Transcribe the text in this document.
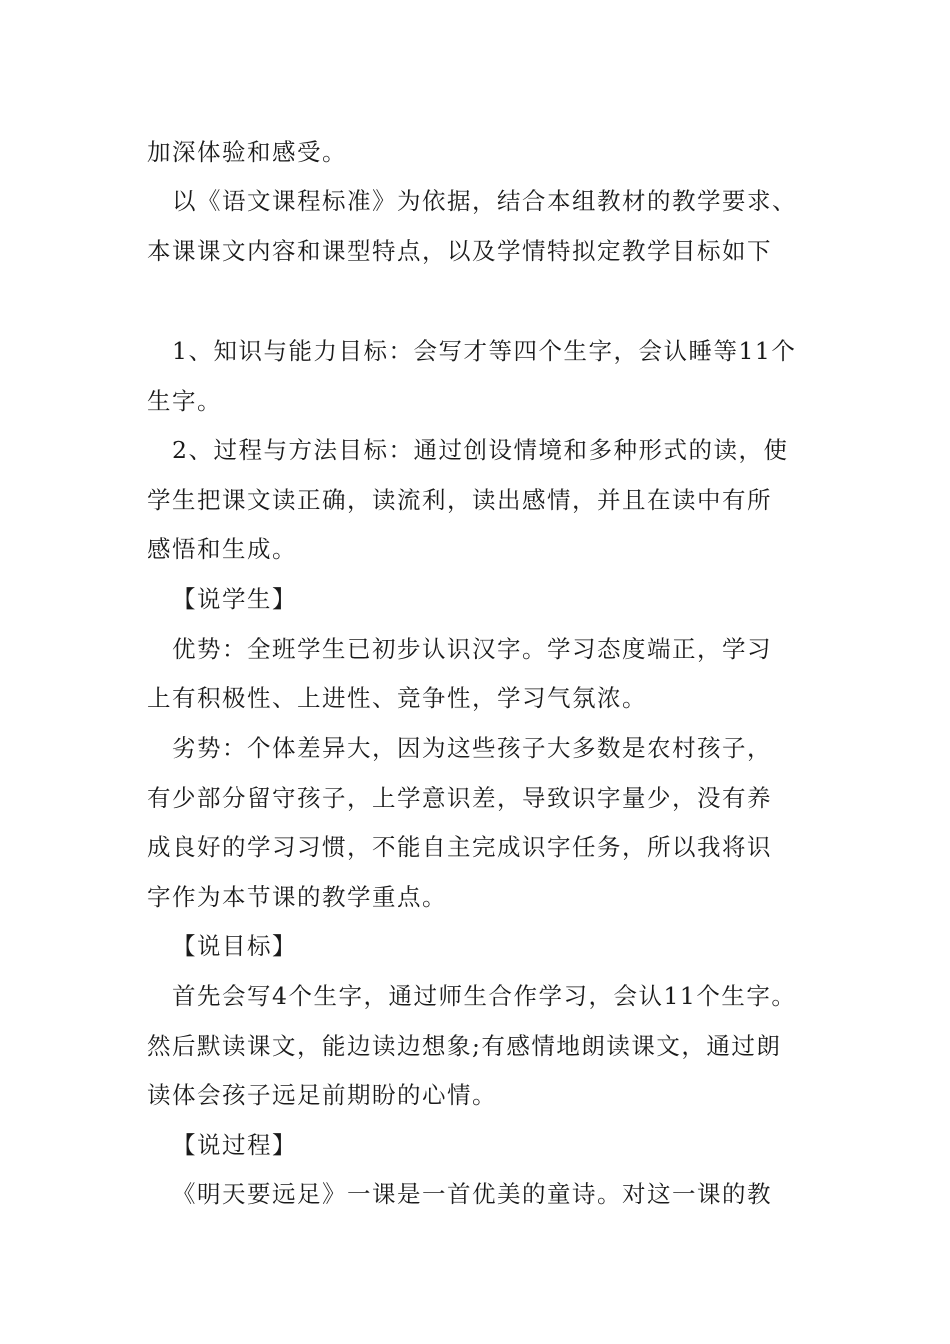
加深体验和感受。
以《语文课程标准》为依据，结合本组教材的教学要求、
本课课文内容和课型特点，以及学情特拟定教学目标如下
1、知识与能力目标：会写才等四个生字，会认睡等11个
生字。
2、过程与方法目标：通过创设情境和多种形式的读，使
学生把课文读正确，读流利，读出感情，并且在读中有所
感悟和生成。
【说学生】
优势：全班学生已初步认识汉字。学习态度端正，学习
上有积极性、上进性、竞争性，学习气氛浓。
劣势：个体差异大，因为这些孩子大多数是农村孩子，
有少部分留守孩子，上学意识差，导致识字量少，没有养
成良好的学习习惯，不能自主完成识字任务，所以我将识
字作为本节课的教学重点。
【说目标】
首先会写4个生字，通过师生合作学习，会认11个生字。
然后默读课文，能边读边想象;有感情地朗读课文，通过朗
读体会孩子远足前期盼的心情。
【说过程】
《明天要远足》一课是一首优美的童诗。对这一课的教
